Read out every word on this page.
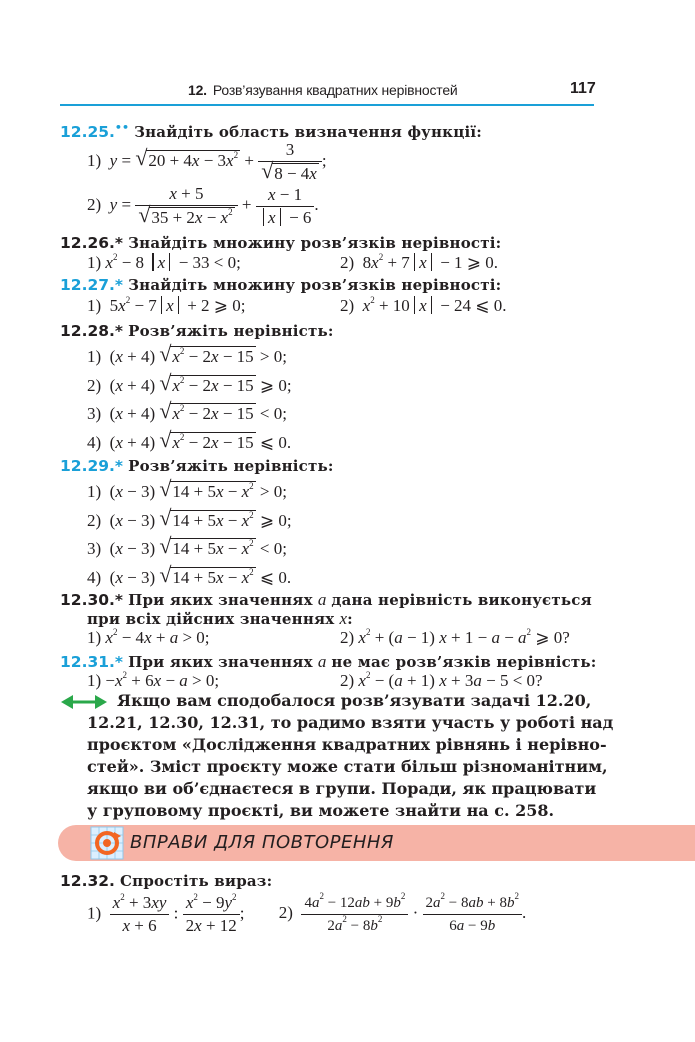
12. Розв’язування квадратних нерівностей	117
12.25.•• Знайдіть область визначення функції:
1)  y = √ $20 + 4x - 3x^2 + \frac{3}{√ 8 - 4x}$ ;
2)  $y = \frac{x + 5}{√ 35 + 2x - x^2} + \frac{x - 1}{x - 6}$ .
12.26.* Знайдіть множину розв’язків нерівності:
1) $x^2 - 8$ x − 33 < 0;	2)  $8x^2 + 7$ x − 1 ⩾ 0.
12.27.* Знайдіть множину розв’язків нерівності:
1)  $5x^2 - 7$ x + 2 ⩾ 0;	2)  $x^2 + 10$ x − 24 ⩽ 0.
12.28.* Розв’яжіть нерівність:
1)  (x + 4) √ $x^2 - 2x - 15 > 0$;
2)  (x + 4) √ $x^2 - 2x - 15$ ⩾ 0;
3)  (x + 4) √ $x^2 - 2x - 15 < 0$;
4)  (x + 4) √ $x^2 - 2x - 15$ ⩽ 0.
12.29.* Розв’яжіть нерівність:
1)  (x − 3) √ $14 + 5x - x^2 > 0$;
2)  (x − 3) √ $14 + 5x - x^2$ ⩾ 0;
3)  (x − 3) √ $14 + 5x - x^2 < 0$;
4)  (x − 3) √ $14 + 5x - x^2$ ⩽ 0.
12.30.* При яких значеннях a дана нерівність виконується
при всіх дійсних значеннях x:
1) $x^2 - 4x + a > 0$;	2) $x^2 + (a - 1) x + 1 - a - a^2$ ⩾ 0?
12.31.* При яких значеннях a не має розв’язків нерівність:
$1) -x^2 + 6x - a > 0$;	2) $x^2 - (a + 1) x + 3a - 5 < 0$?
Якщо вам сподобалося розв’язувати задачі 12.20,
12.21, 12.30, 12.31, то радимо взяти участь у роботі над
проєктом «Дослідження квадратних рівнянь і нерівно-
стей». Зміст проєкту може стати більш різноманітним,
якщо ви об’єднаєтеся в групи. Поради, як працювати
у груповому проєкті, ви можете знайти на с. 258.
ВПРАВИ ДЛЯ ПОВТОРЕННЯ
12.32. Спростіть вираз:
$1) \frac{x^2 + 3xy}{x + 6}$ : $\frac{x^2 - 9y^2}{2x + 12}$ ; $2) \frac{4a^2 - 12ab + 9b^2}{2a^2 - 8b^2} \cdot \frac{2a^2 - 8ab + 8b^2}{6a - 9b}$ .
